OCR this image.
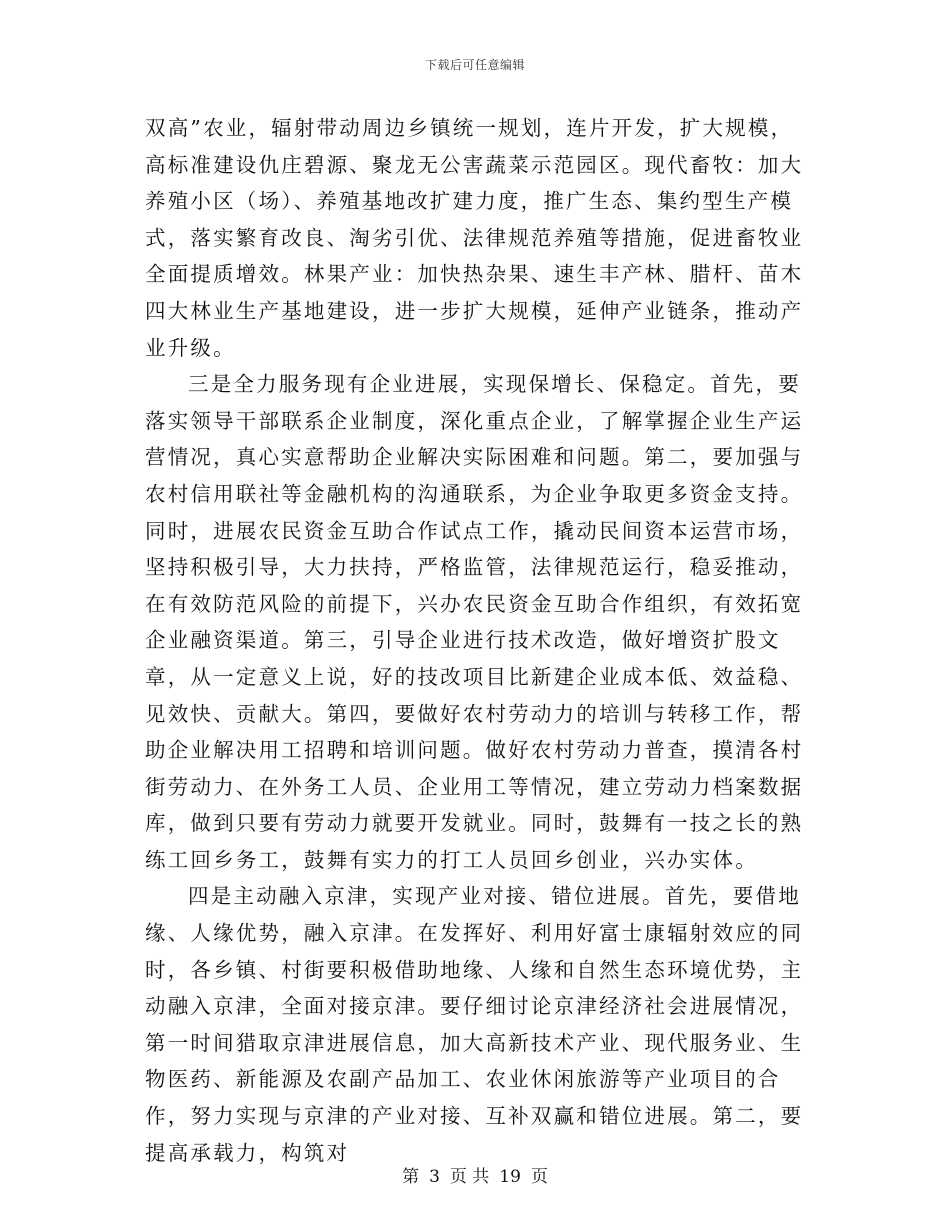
下载后可任意编辑

双高”农业，辐射带动周边乡镇统一规划，连片开发，扩大规模，高标准建设仇庄碧源、聚龙无公害蔬菜示范园区。现代畜牧：加大养殖小区（场）、养殖基地改扩建力度，推广生态、集约型生产模式，落实繁育改良、淘劣引优、法律规范养殖等措施，促进畜牧业全面提质增效。林果产业：加快热杂果、速生丰产林、腊杆、苗木四大林业生产基地建设，进一步扩大规模，延伸产业链条，推动产业升级。

三是全力服务现有企业进展，实现保增长、保稳定。首先，要落实领导干部联系企业制度，深化重点企业，了解掌握企业生产运营情况，真心实意帮助企业解决实际困难和问题。第二，要加强与农村信用联社等金融机构的沟通联系，为企业争取更多资金支持。同时，进展农民资金互助合作试点工作，撬动民间资本运营市场，坚持积极引导，大力扶持，严格监管，法律规范运行，稳妥推动，在有效防范风险的前提下，兴办农民资金互助合作组织，有效拓宽企业融资渠道。第三，引导企业进行技术改造，做好增资扩股文章，从一定意义上说，好的技改项目比新建企业成本低、效益稳、见效快、贡献大。第四，要做好农村劳动力的培训与转移工作，帮助企业解决用工招聘和培训问题。做好农村劳动力普查，摸清各村街劳动力、在外务工人员、企业用工等情况，建立劳动力档案数据库，做到只要有劳动力就要开发就业。同时，鼓舞有一技之长的熟练工回乡务工，鼓舞有实力的打工人员回乡创业，兴办实体。

四是主动融入京津，实现产业对接、错位进展。首先，要借地缘、人缘优势，融入京津。在发挥好、利用好富士康辐射效应的同时，各乡镇、村街要积极借助地缘、人缘和自然生态环境优势，主动融入京津，全面对接京津。要仔细讨论京津经济社会进展情况，第一时间猎取京津进展信息，加大高新技术产业、现代服务业、生物医药、新能源及农副产品加工、农业休闲旅游等产业项目的合作，努力实现与京津的产业对接、互补双赢和错位进展。第二，要提高承载力，构筑对

第 3 页 共 19 页
